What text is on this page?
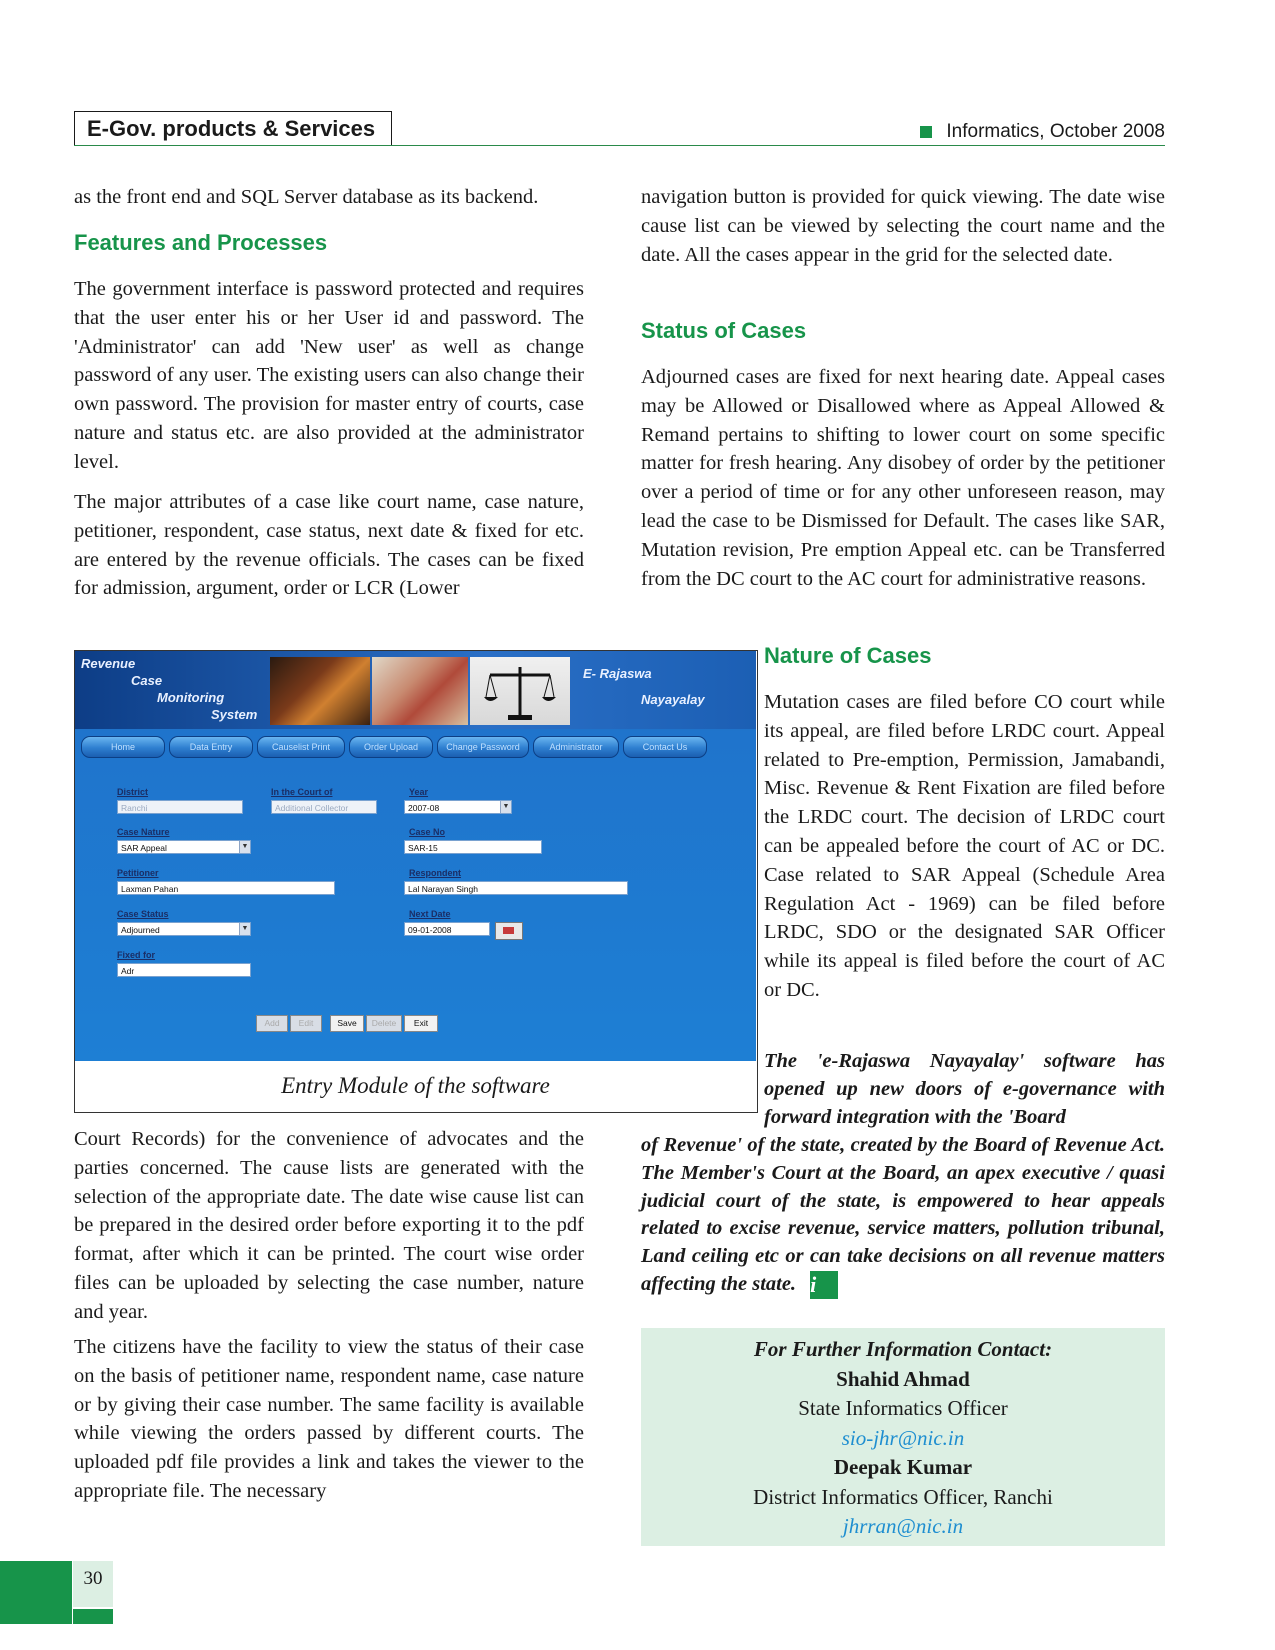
E-Gov. products & Services	Informatics, October 2008

as the front end and SQL Server database as its backend.

Features and Processes

The government interface is password protected and requires that the user enter his or her User id and password. The 'Administrator' can add 'New user' as well as change password of any user. The existing users can also change their own password. The provision for master entry of courts, case nature and status etc. are also provided at the administrator level.

The major attributes of a case like court name, case nature, petitioner, respondent, case status, next date & fixed for etc. are entered by the revenue officials. The cases can be fixed for admission, argument, order or LCR (Lower

navigation button is provided for quick viewing. The date wise cause list can be viewed by selecting the court name and the date. All the cases appear in the grid for the selected date.

Status of Cases

Adjourned cases are fixed for next hearing date. Appeal cases may be Allowed or Disallowed where as Appeal Allowed & Remand pertains to shifting to lower court on some specific matter for fresh hearing. Any disobey of order by the petitioner over a period of time or for any other unforeseen reason, may lead the case to be Dismissed for Default. The cases like SAR, Mutation revision, Pre emption Appeal etc. can be Transferred from the DC court to the AC court for administrative reasons.

Revenue
Case
Monitoring
System
E- Rajaswa
Nayayalay
Home	Data Entry	Causelist Print	Order Upload	Change Password	Administrator	Contact Us
District
Ranchi
In the Court of
Additional Collector
Year
2007-08	▼
Case Nature
SAR Appeal	▼
Case No
SAR-15
Petitioner
Laxman Pahan
Respondent
Lal Narayan Singh
Case Status
Adjourned	▼
Next Date
09-01-2008
Fixed for
Adr
Add	Edit	Save	Delete	Exit
Entry Module of the software
Nature of Cases

Mutation cases are filed before CO court while its appeal, are filed before LRDC court. Appeal related to Pre-emption, Permission, Jamabandi, Misc. Revenue & Rent Fixation are filed before the LRDC court. The decision of LRDC court can be appealed before the court of AC or DC. Case related to SAR Appeal (Schedule Area Regulation Act - 1969) can be filed before LRDC, SDO or the designated SAR Officer while its appeal is filed before the court of AC or DC.

The 'e-Rajaswa Nayayalay' software has opened up new doors of e-governance with forward integration with the 'Board

of Revenue' of the state, created by the Board of Revenue Act. The Member's Court at the Board, an apex executive / quasi judicial court of the state, is empowered to hear appeals related to excise revenue, service matters, pollution tribunal, Land ceiling etc or can take decisions on all revenue matters affecting the state. i

Court Records) for the convenience of advocates and the parties concerned. The cause lists are generated with the selection of the appropriate date. The date wise cause list can be prepared in the desired order before exporting it to the pdf format, after which it can be printed. The court wise order files can be uploaded by selecting the case number, nature and year.

The citizens have the facility to view the status of their case on the basis of petitioner name, respondent name, case nature or by giving their case number. The same facility is available while viewing the orders passed by different courts. The uploaded pdf file provides a link and takes the viewer to the appropriate file. The necessary

For Further Information Contact:
Shahid Ahmad
State Informatics Officer
sio-jhr@nic.in
Deepak Kumar
District Informatics Officer, Ranchi
jhrran@nic.in
30
